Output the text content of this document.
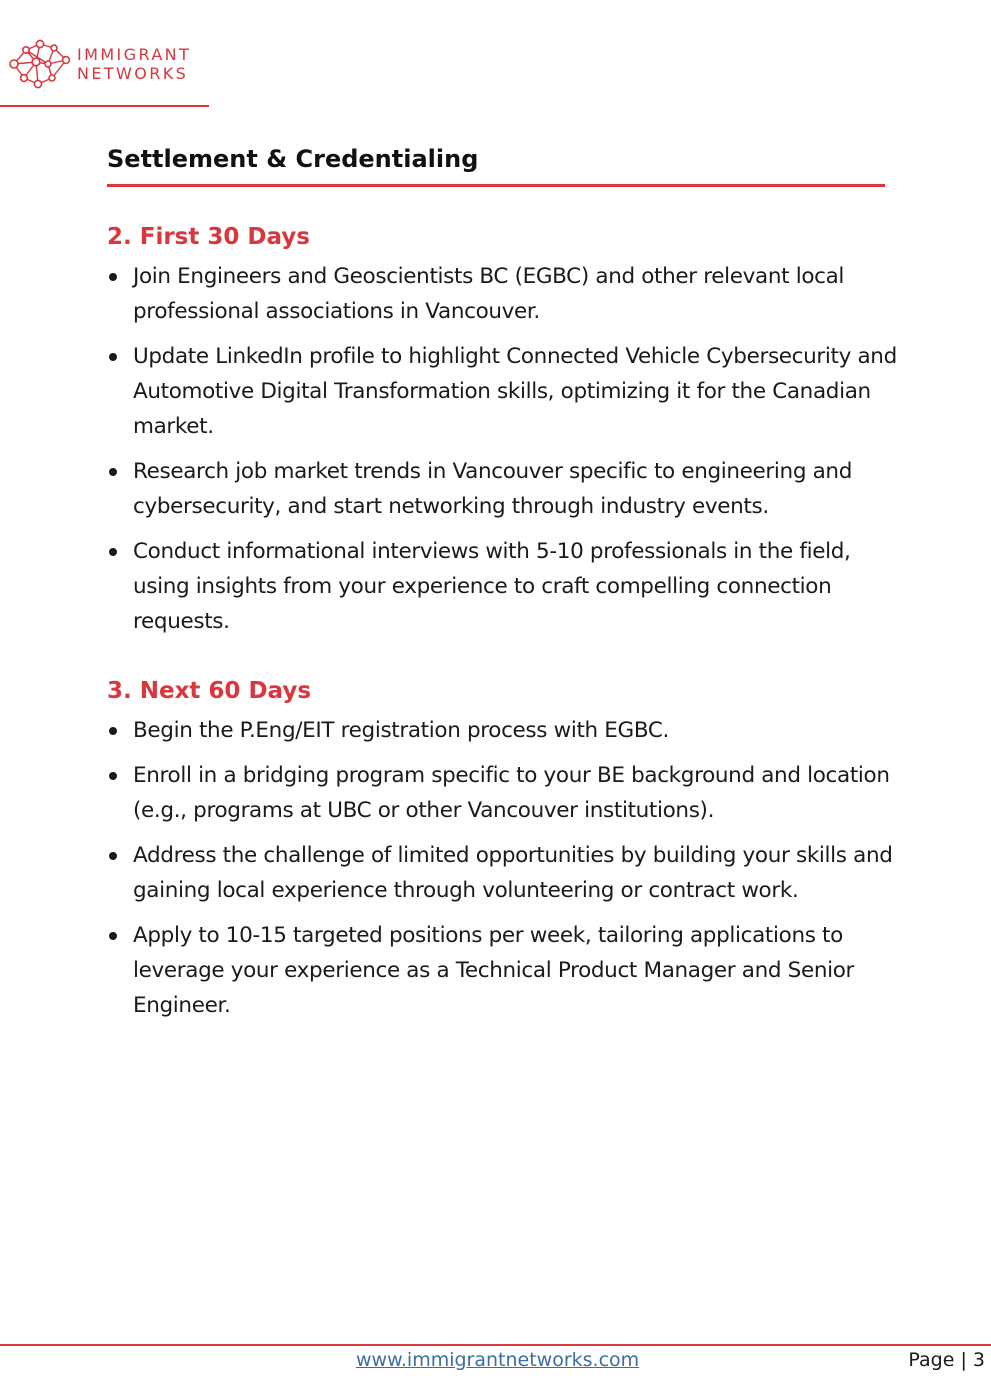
IMMIGRANT
NETWORKS
Settlement & Credentialing
2. First 30 Days
Join Engineers and Geoscientists BC (EGBC) and other relevant local professional associations in Vancouver.
Update LinkedIn profile to highlight Connected Vehicle Cybersecurity and Automotive Digital Transformation skills, optimizing it for the Canadian market.
Research job market trends in Vancouver specific to engineering and cybersecurity, and start networking through industry events.
Conduct informational interviews with 5-10 professionals in the field, using insights from your experience to craft compelling connection requests.
3. Next 60 Days
Begin the P.Eng/EIT registration process with EGBC.
Enroll in a bridging program specific to your BE background and location (e.g., programs at UBC or other Vancouver institutions).
Address the challenge of limited opportunities by building your skills and gaining local experience through volunteering or contract work.
Apply to 10-15 targeted positions per week, tailoring applications to leverage your experience as a Technical Product Manager and Senior Engineer.
www.immigrantnetworks.com	Page | 3
